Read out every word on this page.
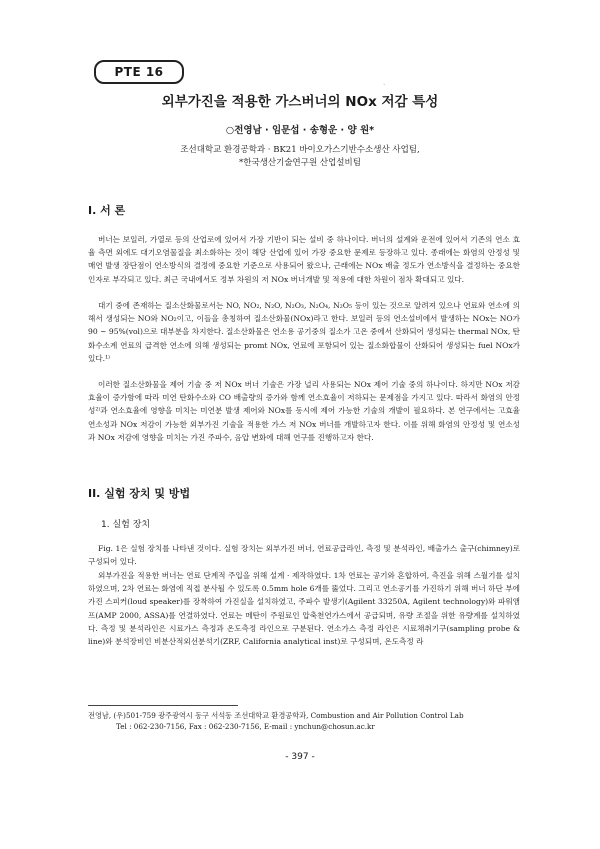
PTE 16
`
외부가진을 적용한 가스버너의 NOx 저감 특성
○전영남 · 임문섭 · 송형운 · 양 원*
조선대학교 환경공학과 · BK21 바이오가스기반수소생산 사업팀,
*한국생산기술연구원 산업설비팀
I. 서 론

버너는 보일러, 가열로 등의 산업로에 있어서 가장 기반이 되는 설비 중 하나이다. 버너의 설계와 운전에 있어서 기존의 연소 효율 측면 외에도 대기오염물질을 최소화하는 것이 해당 산업에 있어 가장 중요한 문제로 등장하고 있다. 종래에는 화염의 안정성 및 매연 발생 장단점이 연소방식의 결정에 중요한 기준으로 사용되어 왔으나, 근래에는 NOx 배출 정도가 연소방식을 결정하는 중요한 인자로 부각되고 있다. 최근 국내에서도 정부 차원의 저 NOx 버너개발 및 적용에 대한 차원이 점차 확대되고 있다.

대기 중에 존재하는 질소산화물로서는 NO, NO₂, N₂O, N₂O₃, N₂O₄, N₂O₅ 등이 있는 것으로 알려져 있으나 연료와 연소에 의해서 생성되는 NO와 NO₂이고, 이들을 총칭하여 질소산화물(NOx)라고 한다. 보일러 등의 연소설비에서 발생하는 NOx는 NO가 90 ~ 95%(vol)으로 대부분을 차지한다. 질소산화물은 연소용 공기중의 질소가 고온 중에서 산화되어 생성되는 thermal NOx, 탄화수소계 연료의 급격한 연소에 의해 생성되는 promt NOx, 연료에 포함되어 있는 질소화합물이 산화되어 생성되는 fuel NOx가 있다.¹⁾

이러한 질소산화물을 제어 기술 중 저 NOx 버너 기술은 가장 널리 사용되는 NOx 제어 기술 중의 하나이다. 하지만 NOx 저감 효율이 증가함에 따라 미연 탄화수소와 CO 배출량의 증가와 함께 연소효율이 저하되는 문제점을 가지고 있다. 따라서 화염의 안정성²⁾과 연소효율에 영향을 미치는 미연분 발생 제어와 NOx를 동시에 제어 가능한 기술의 개발이 필요하다. 본 연구에서는 고효율 연소성과 NOx 저감이 가능한 외부가진 기술을 적용한 가스 저 NOx 버너를 개발하고자 한다. 이를 위해 화염의 안정성 및 연소성과 NOx 저감에 영향을 미치는 가진 주파수, 음압 변화에 대해 연구를 진행하고자 한다.

II. 실험 장치 및 방법
1. 실험 장치

Fig. 1은 실험 장치를 나타낸 것이다. 실험 장치는 외부가진 버너, 연료공급라인, 측정 및 분석라인, 배출가스 출구(chimney)로 구성되어 있다.

외부가진을 적용한 버너는 연료 단계적 주입을 위해 설계 · 제작하였다. 1차 연료는 공기와 혼합하여, 측진을 위해 스월기를 설치하였으며, 2차 연료는 화염에 직접 분사될 수 있도록 0.5mm hole 6개를 뚫었다. 그리고 연소공기를 가진하기 위해 버너 하단 부에 가진 스피커(loud speaker)를 장착하여 가진실을 설치하였고, 주파수 발생기(Agilent 33250A, Agilent technology)와 파워앰프(AMP 2000, ASSA)를 연결하였다. 연료는 메탄이 주원료인 압축천연가스에서 공급되며, 유량 조절을 위한 유량계를 설치하였다. 측정 및 분석라인은 시료가스 측정과 온도측정 라인으로 구분된다. 연소가스 측정 라인은 시료채취기구(sampling probe & line)와 분석장비인 비분산적외선분석기(ZRF, California analytical inst)로 구성되며, 온도측정 라

전영남, (우)501-759 광주광역시 동구 서석동 조선대학교 환경공학과, Combustion and Air Pollution Control Lab
Tel : 062-230-7156, Fax : 062-230-7156, E-mail : ynchun@chosun.ac.kr
- 397 -
